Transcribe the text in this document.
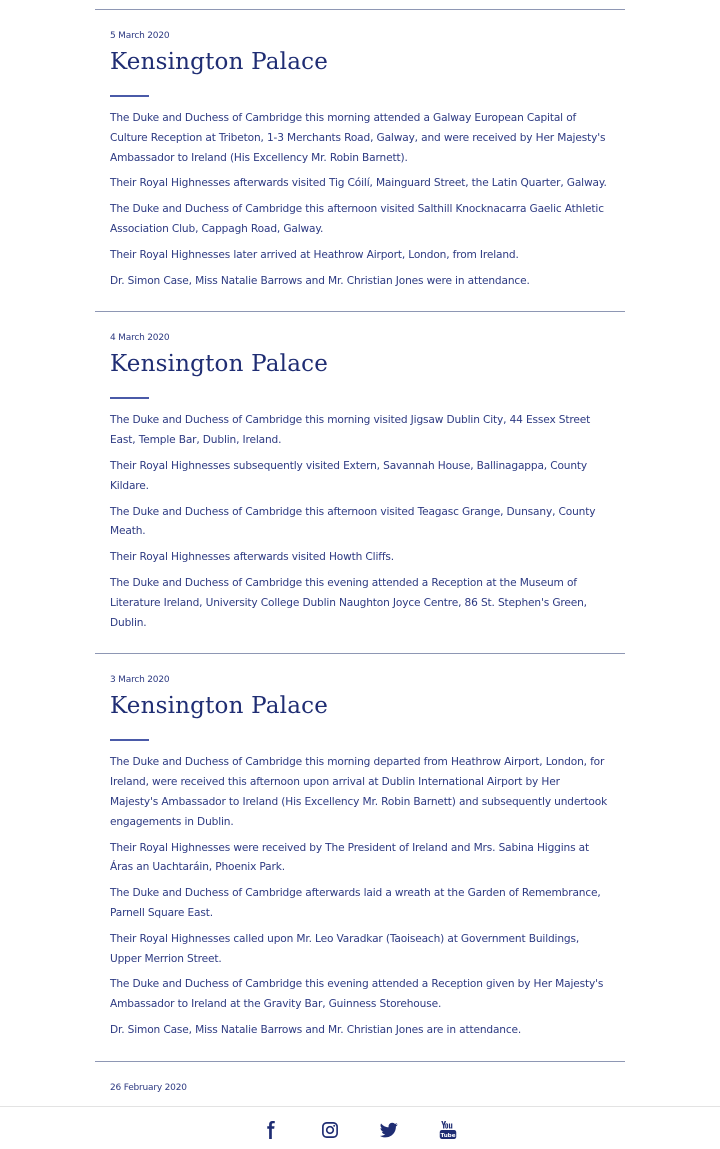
5 March 2020
Kensington Palace

The Duke and Duchess of Cambridge this morning attended a Galway European Capital of Culture Reception at Tribeton, 1-3 Merchants Road, Galway, and were received by Her Majesty's Ambassador to Ireland (His Excellency Mr. Robin Barnett).

Their Royal Highnesses afterwards visited Tig Cóilí, Mainguard Street, the Latin Quarter, Galway.

The Duke and Duchess of Cambridge this afternoon visited Salthill Knocknacarra Gaelic Athletic Association Club, Cappagh Road, Galway.

Their Royal Highnesses later arrived at Heathrow Airport, London, from Ireland.

Dr. Simon Case, Miss Natalie Barrows and Mr. Christian Jones were in attendance.

4 March 2020
Kensington Palace

The Duke and Duchess of Cambridge this morning visited Jigsaw Dublin City, 44 Essex Street East, Temple Bar, Dublin, Ireland.

Their Royal Highnesses subsequently visited Extern, Savannah House, Ballinagappa, County Kildare.

The Duke and Duchess of Cambridge this afternoon visited Teagasc Grange, Dunsany, County Meath.

Their Royal Highnesses afterwards visited Howth Cliffs.

The Duke and Duchess of Cambridge this evening attended a Reception at the Museum of Literature Ireland, University College Dublin Naughton Joyce Centre, 86 St. Stephen's Green, Dublin.

3 March 2020
Kensington Palace

The Duke and Duchess of Cambridge this morning departed from Heathrow Airport, London, for Ireland, were received this afternoon upon arrival at Dublin International Airport by Her Majesty's Ambassador to Ireland (His Excellency Mr. Robin Barnett) and subsequently undertook engagements in Dublin.

Their Royal Highnesses were received by The President of Ireland and Mrs. Sabina Higgins at Áras an Uachtaráin, Phoenix Park.

The Duke and Duchess of Cambridge afterwards laid a wreath at the Garden of Remembrance, Parnell Square East.

Their Royal Highnesses called upon Mr. Leo Varadkar (Taoiseach) at Government Buildings, Upper Merrion Street.

The Duke and Duchess of Cambridge this evening attended a Reception given by Her Majesty's Ambassador to Ireland at the Gravity Bar, Guinness Storehouse.

Dr. Simon Case, Miss Natalie Barrows and Mr. Christian Jones are in attendance.

26 February 2020
Tube
